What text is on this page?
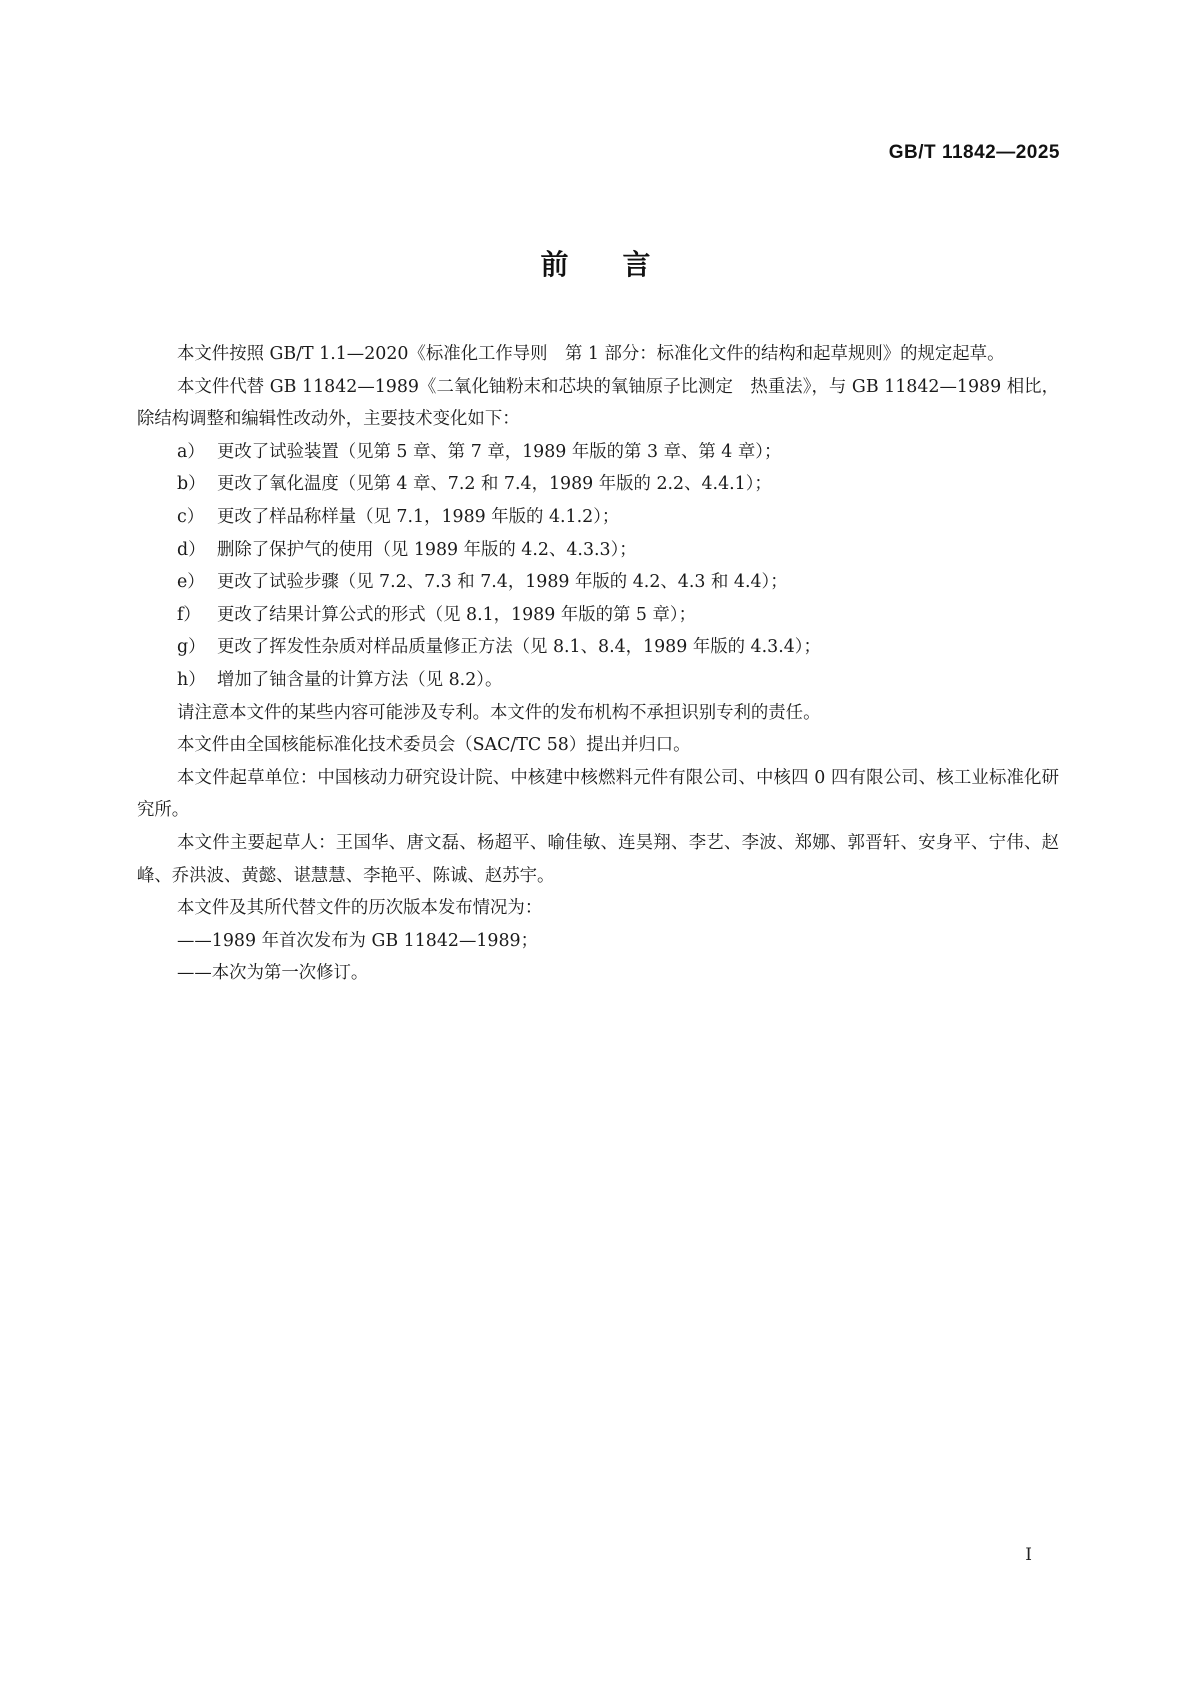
GB/T 11842—2025
前言

本文件按照 GB/T 1.1—2020《标准化工作导则　第 1 部分：标准化文件的结构和起草规则》的规定起草。

本文件代替 GB 11842—1989《二氧化铀粉末和芯块的氧铀原子比测定　热重法》，与 GB 11842—1989 相比，除结构调整和编辑性改动外，主要技术变化如下：

a） 更改了试验装置（见第 5 章、第 7 章，1989 年版的第 3 章、第 4 章）；

b） 更改了氧化温度（见第 4 章、7.2 和 7.4，1989 年版的 2.2、4.4.1）；

c） 更改了样品称样量（见 7.1，1989 年版的 4.1.2）；

d） 删除了保护气的使用（见 1989 年版的 4.2、4.3.3）；

e） 更改了试验步骤（见 7.2、7.3 和 7.4，1989 年版的 4.2、4.3 和 4.4）；

f） 更改了结果计算公式的形式（见 8.1，1989 年版的第 5 章）；

g） 更改了挥发性杂质对样品质量修正方法（见 8.1、8.4，1989 年版的 4.3.4）；

h） 增加了铀含量的计算方法（见 8.2）。

请注意本文件的某些内容可能涉及专利。本文件的发布机构不承担识别专利的责任。

本文件由全国核能标准化技术委员会（SAC/TC 58）提出并归口。

本文件起草单位：中国核动力研究设计院、中核建中核燃料元件有限公司、中核四 0 四有限公司、核工业标准化研究所。

本文件主要起草人：王国华、唐文磊、杨超平、喻佳敏、连昊翔、李艺、李波、郑娜、郭晋轩、安身平、宁伟、赵峰、乔洪波、黄懿、谌慧慧、李艳平、陈诚、赵苏宇。

本文件及其所代替文件的历次版本发布情况为：

——1989 年首次发布为 GB 11842—1989；

——本次为第一次修订。

I
